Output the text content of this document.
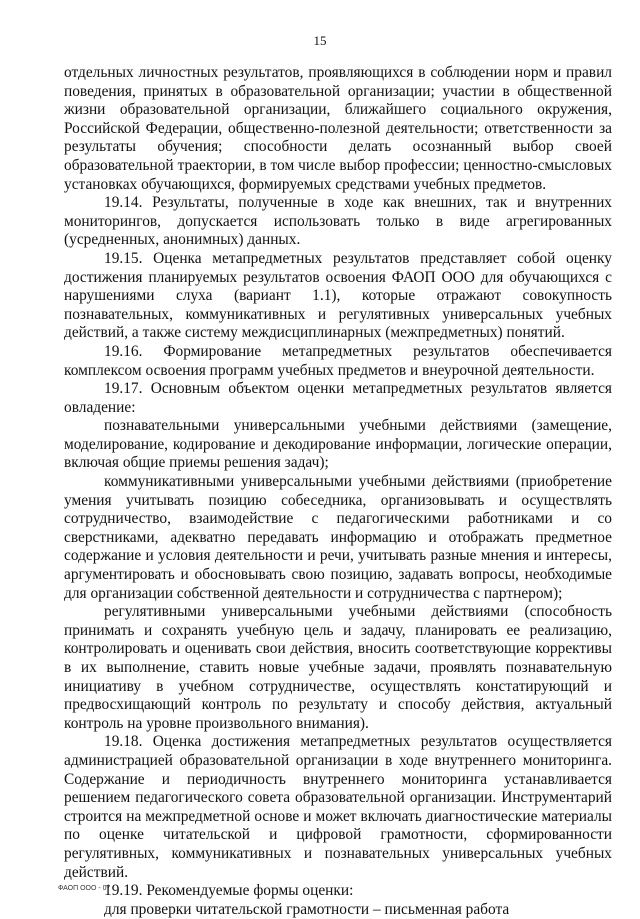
15

отдельных личностных результатов, проявляющихся в соблюдении норм и правил поведения, принятых в образовательной организации; участии в общественной жизни образовательной организации, ближайшего социального окружения, Российской Федерации, общественно-полезной деятельности; ответственности за результаты обучения; способности делать осознанный выбор своей образовательной траектории, в том числе выбор профессии; ценностно-смысловых установках обучающихся, формируемых средствами учебных предметов.

19.14. Результаты, полученные в ходе как внешних, так и внутренних мониторингов, допускается использовать только в виде агрегированных (усредненных, анонимных) данных.

19.15. Оценка метапредметных результатов представляет собой оценку достижения планируемых результатов освоения ФАОП ООО для обучающихся с нарушениями слуха (вариант 1.1), которые отражают совокупность познавательных, коммуникативных и регулятивных универсальных учебных действий, а также систему междисциплинарных (межпредметных) понятий.

19.16. Формирование метапредметных результатов обеспечивается комплексом освоения программ учебных предметов и внеурочной деятельности.

19.17. Основным объектом оценки метапредметных результатов является овладение:

познавательными универсальными учебными действиями (замещение, моделирование, кодирование и декодирование информации, логические операции, включая общие приемы решения задач);

коммуникативными универсальными учебными действиями (приобретение умения учитывать позицию собеседника, организовывать и осуществлять сотрудничество, взаимодействие с педагогическими работниками и со сверстниками, адекватно передавать информацию и отображать предметное содержание и условия деятельности и речи, учитывать разные мнения и интересы, аргументировать и обосновывать свою позицию, задавать вопросы, необходимые для организации собственной деятельности и сотрудничества с партнером);

регулятивными универсальными учебными действиями (способность принимать и сохранять учебную цель и задачу, планировать ее реализацию, контролировать и оценивать свои действия, вносить соответствующие коррективы в их выполнение, ставить новые учебные задачи, проявлять познавательную инициативу в учебном сотрудничестве, осуществлять констатирующий и предвосхищающий контроль по результату и способу действия, актуальный контроль на уровне произвольного внимания).

19.18. Оценка достижения метапредметных результатов осуществляется администрацией образовательной организации в ходе внутреннего мониторинга. Содержание и периодичность внутреннего мониторинга устанавливается решением педагогического совета образовательной организации. Инструментарий строится на межпредметной основе и может включать диагностические материалы по оценке читательской и цифровой грамотности, сформированности регулятивных, коммуникативных и познавательных универсальных учебных действий.

19.19. Рекомендуемые формы оценки:

для проверки читательской грамотности – письменная работа

ФАОП ООО - 07
